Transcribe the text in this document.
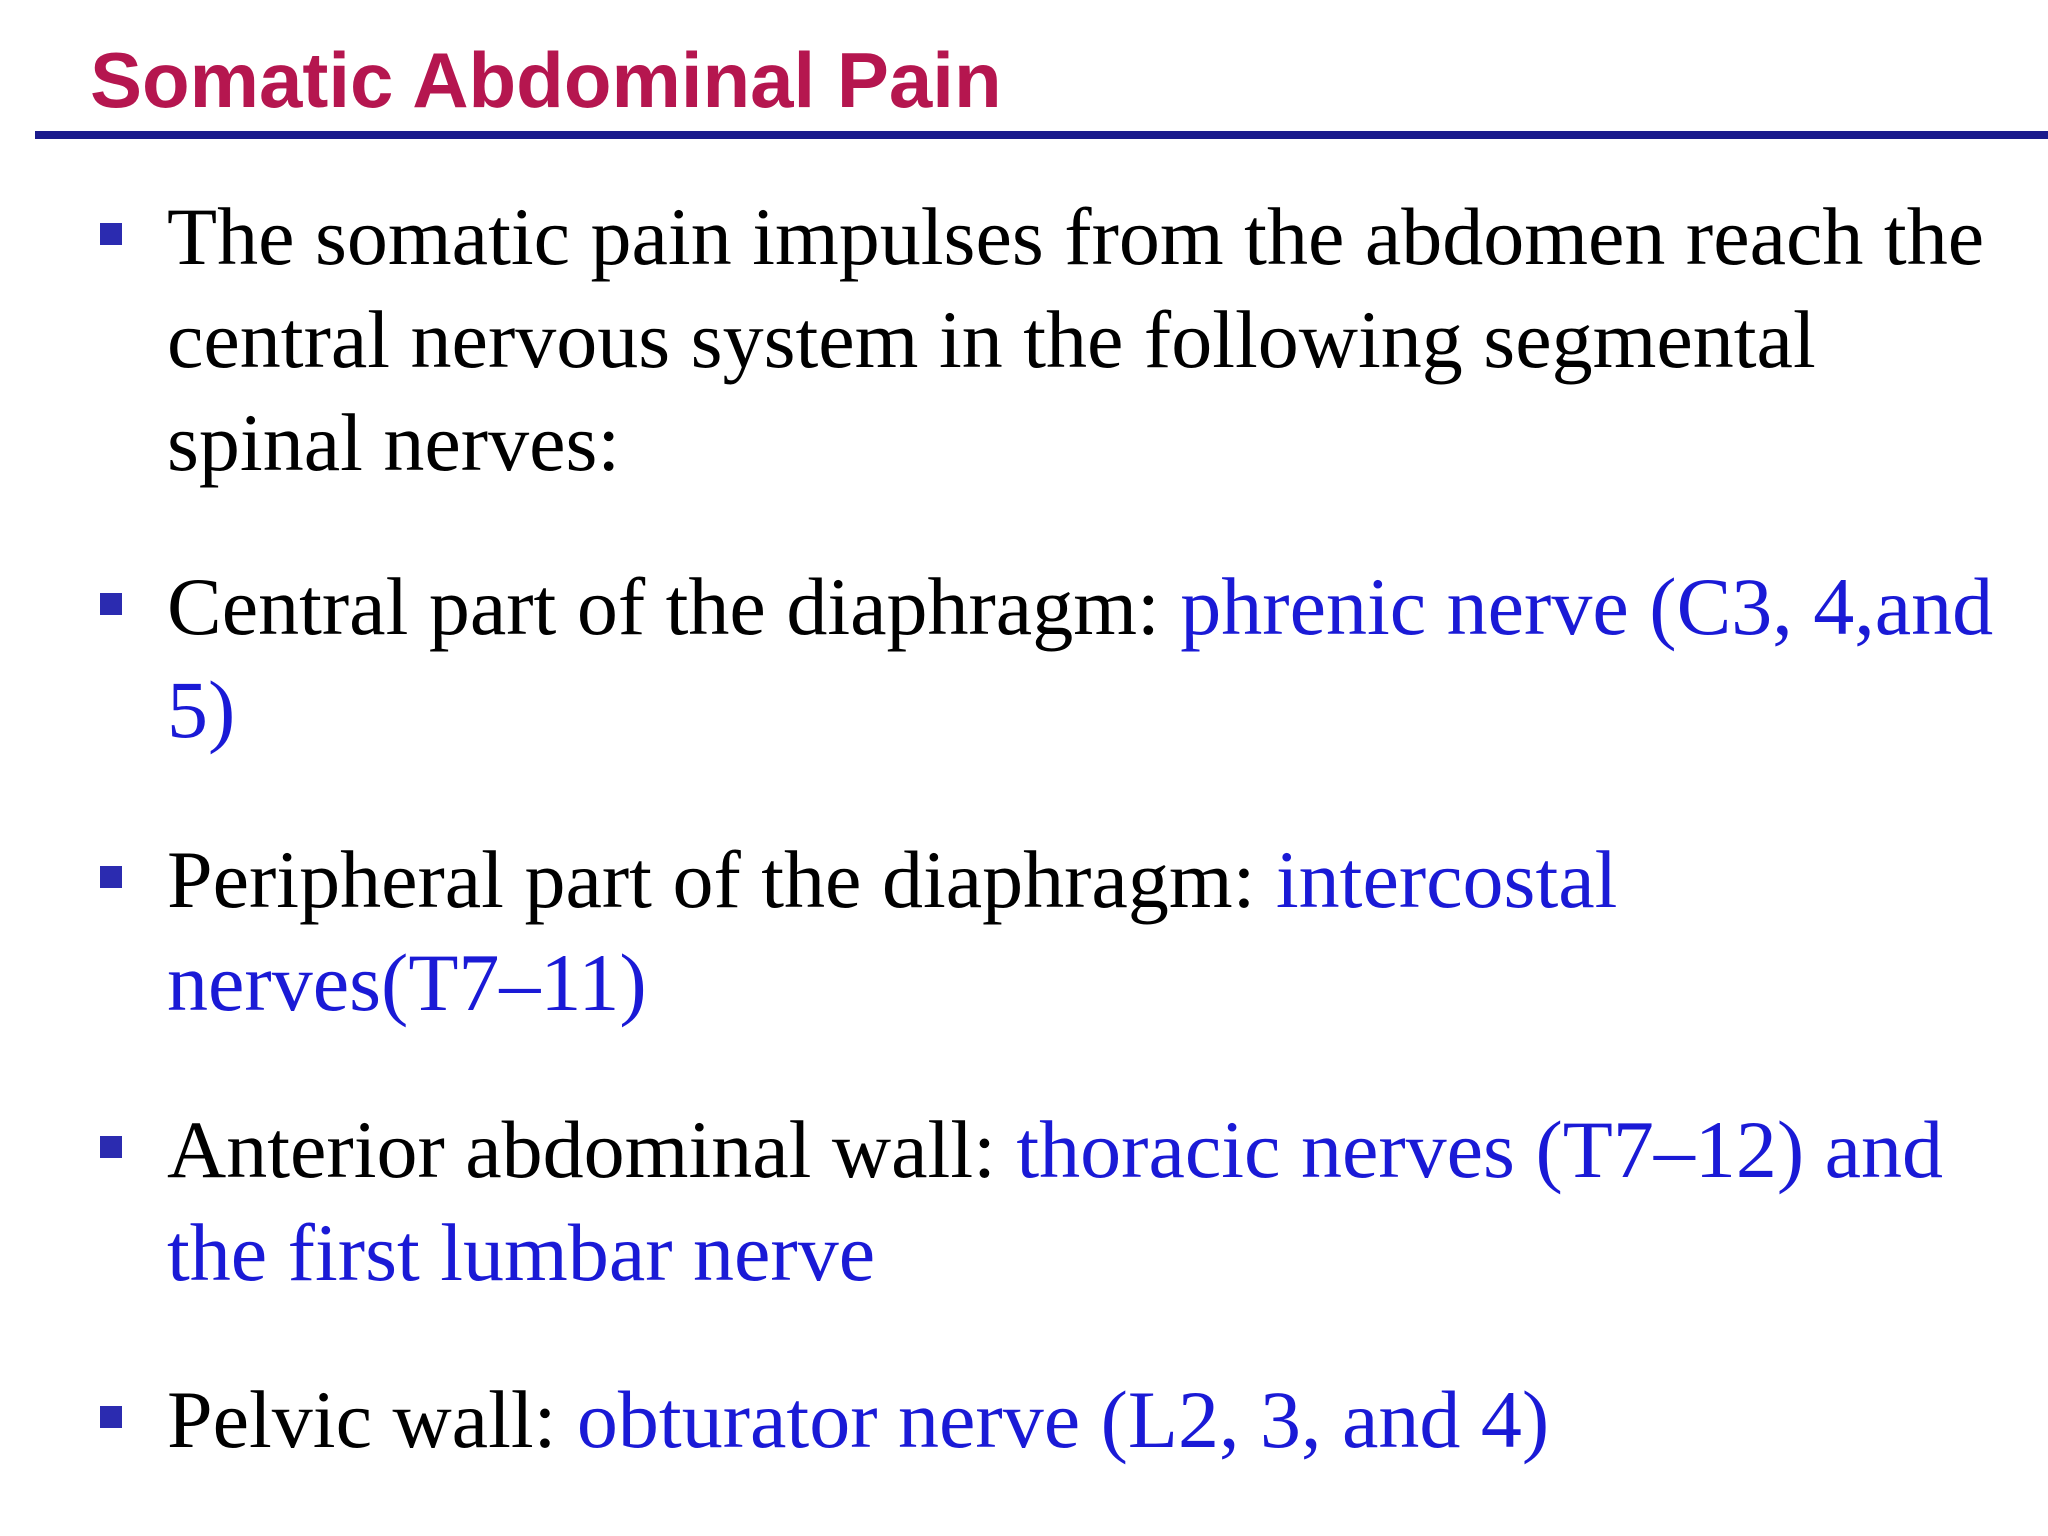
Somatic Abdominal Pain

The somatic pain impulses from the abdomen reach the central nervous system in the following segmental spinal nerves:

Central part of the diaphragm: phrenic nerve (C3, 4,and 5)

Peripheral part of the diaphragm: intercostal nerves(T7–11)

Anterior abdominal wall: thoracic nerves (T7–12) and the first lumbar nerve

Pelvic wall: obturator nerve (L2, 3, and 4)
